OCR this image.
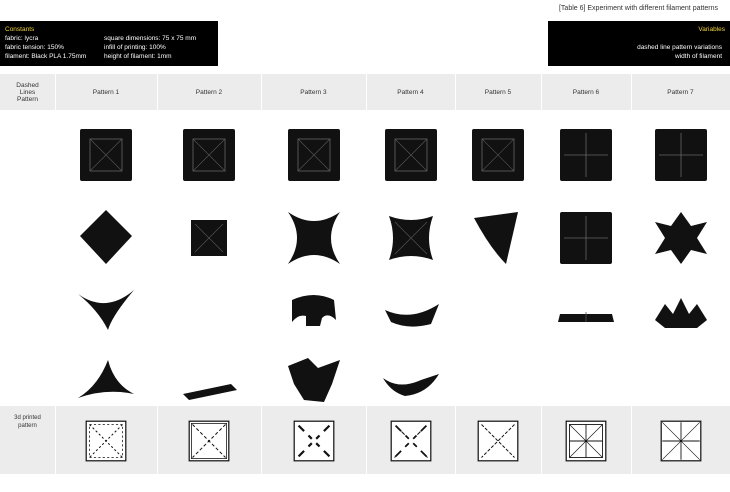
[Table 6] Experiment with different filament patterns
Constants
fabric: lycra
fabric tension: 150%
filament: Black PLA 1.75mm
square dimensions: 75 x 75 mm
infill of printing: 100%
height of filament: 1mm
Variables
dashed line pattern variations
width of filament
Dashed
Lines
Pattern
Pattern 1	Pattern 2	Pattern 3	Pattern 4	Pattern 5	Pattern 6	Pattern 7
3d printed
pattern
